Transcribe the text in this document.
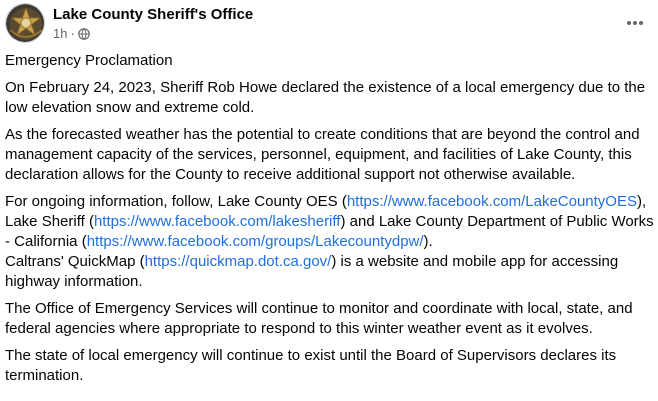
Lake County Sheriff's Office
1h ·

Emergency Proclamation

On February 24, 2023, Sheriff Rob Howe declared the existence of a local emergency due to the low elevation snow and extreme cold.

As the forecasted weather has the potential to create conditions that are beyond the control and management capacity of the services, personnel, equipment, and facilities of Lake County, this declaration allows for the County to receive additional support not otherwise available.

For ongoing information, follow, Lake County OES (https://www.facebook.com/LakeCountyOES), Lake Sheriff (https://www.facebook.com/lakesheriff) and Lake County Department of Public Works - California (https://www.facebook.com/groups/Lakecountydpw/).
Caltrans' QuickMap (https://quickmap.dot.ca.gov/) is a website and mobile app for accessing highway information.

The Office of Emergency Services will continue to monitor and coordinate with local, state, and federal agencies where appropriate to respond to this winter weather event as it evolves.

The state of local emergency will continue to exist until the Board of Supervisors declares its termination.
